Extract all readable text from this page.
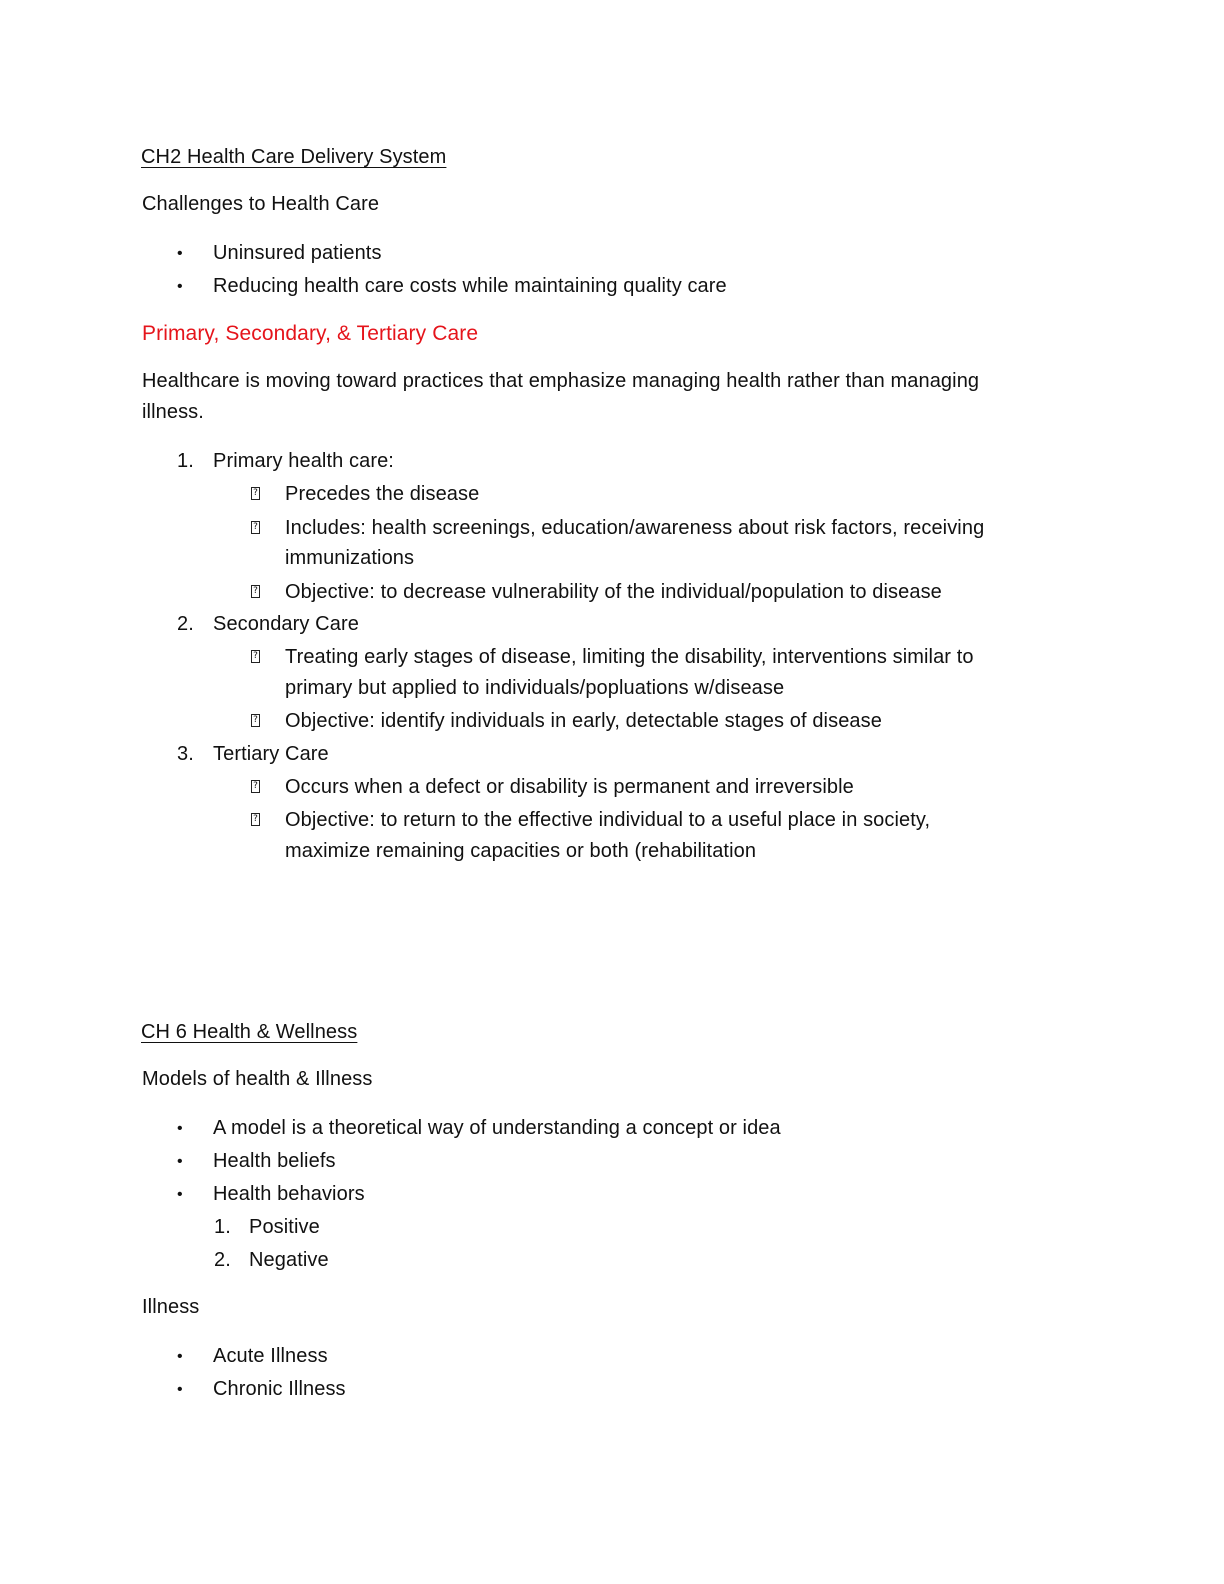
CH2 Health Care Delivery System
Challenges to Health Care
• Uninsured patients
• Reducing health care costs while maintaining quality care
Primary, Secondary, & Tertiary Care
Healthcare is moving toward practices that emphasize managing health rather than managing
illness.
1. Primary health care:
?
Precedes the disease
?
Includes: health screenings, education/awareness about risk factors, receiving
immunizations
?
Objective: to decrease vulnerability of the individual/population to disease
2. Secondary Care
?
Treating early stages of disease, limiting the disability, interventions similar to
primary but applied to individuals/popluations w/disease
?
Objective: identify individuals in early, detectable stages of disease
3. Tertiary Care
?
Occurs when a defect or disability is permanent and irreversible
?
Objective: to return to the effective individual to a useful place in society,
maximize remaining capacities or both (rehabilitation
CH 6 Health & Wellness
Models of health & Illness
• A model is a theoretical way of understanding a concept or idea
• Health beliefs
• Health behaviors
1. Positive
2. Negative
Illness
• Acute Illness
• Chronic Illness
